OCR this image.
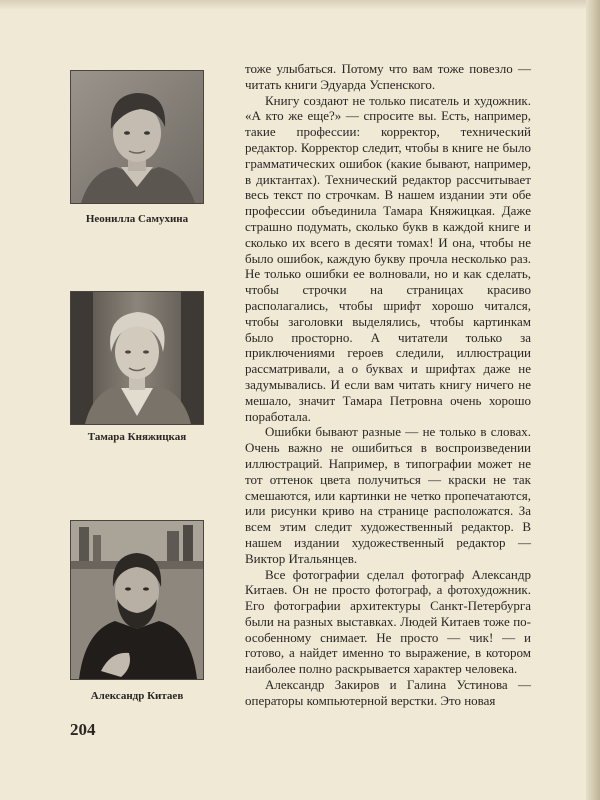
Неонилла Самухина
Тамара Княжицкая
Александр Китаев

тоже улыбаться. Потому что вам тоже повезло — читать книги Эдуарда Успенского.

Книгу создают не только писатель и художник. «А кто же еще?» — спросите вы. Есть, например, такие профессии: корректор, технический редактор. Корректор следит, чтобы в книге не было грамматических ошибок (какие бывают, например, в диктантах). Технический редактор рассчитывает весь текст по строчкам. В нашем издании эти обе профессии объединила Тамара Княжицкая. Даже страшно подумать, сколько букв в каждой книге и сколько их всего в десяти томах! И она, чтобы не было ошибок, каждую букву прочла несколько раз. Не только ошибки ее волновали, но и как сделать, чтобы строчки на страницах красиво располагались, чтобы шрифт хорошо читался, чтобы заголовки выделялись, чтобы картинкам было просторно. А читатели только за приключениями героев следили, иллюстрации рассматривали, а о буквах и шрифтах даже не задумывались. И если вам читать книгу ничего не мешало, значит Тамара Петровна очень хорошо поработала.

Ошибки бывают разные — не только в словах. Очень важно не ошибиться в воспроизведении иллюстраций. Например, в типографии может не тот оттенок цвета получиться — краски не так смешаются, или картинки не четко пропечатаются, или рисунки криво на странице расположатся. За всем этим следит художественный редактор. В нашем издании художественный редактор — Виктор Итальянцев.

Все фотографии сделал фотограф Александр Китаев. Он не просто фотограф, а фотохудожник. Его фотографии архитектуры Санкт-Петербурга были на разных выставках. Людей Китаев тоже по-особенному снимает. Не просто — чик! — и готово, а найдет именно то выражение, в котором наиболее полно раскрывается характер человека.

Александр Закиров и Галина Устинова — операторы компьютерной верстки. Это новая

204
